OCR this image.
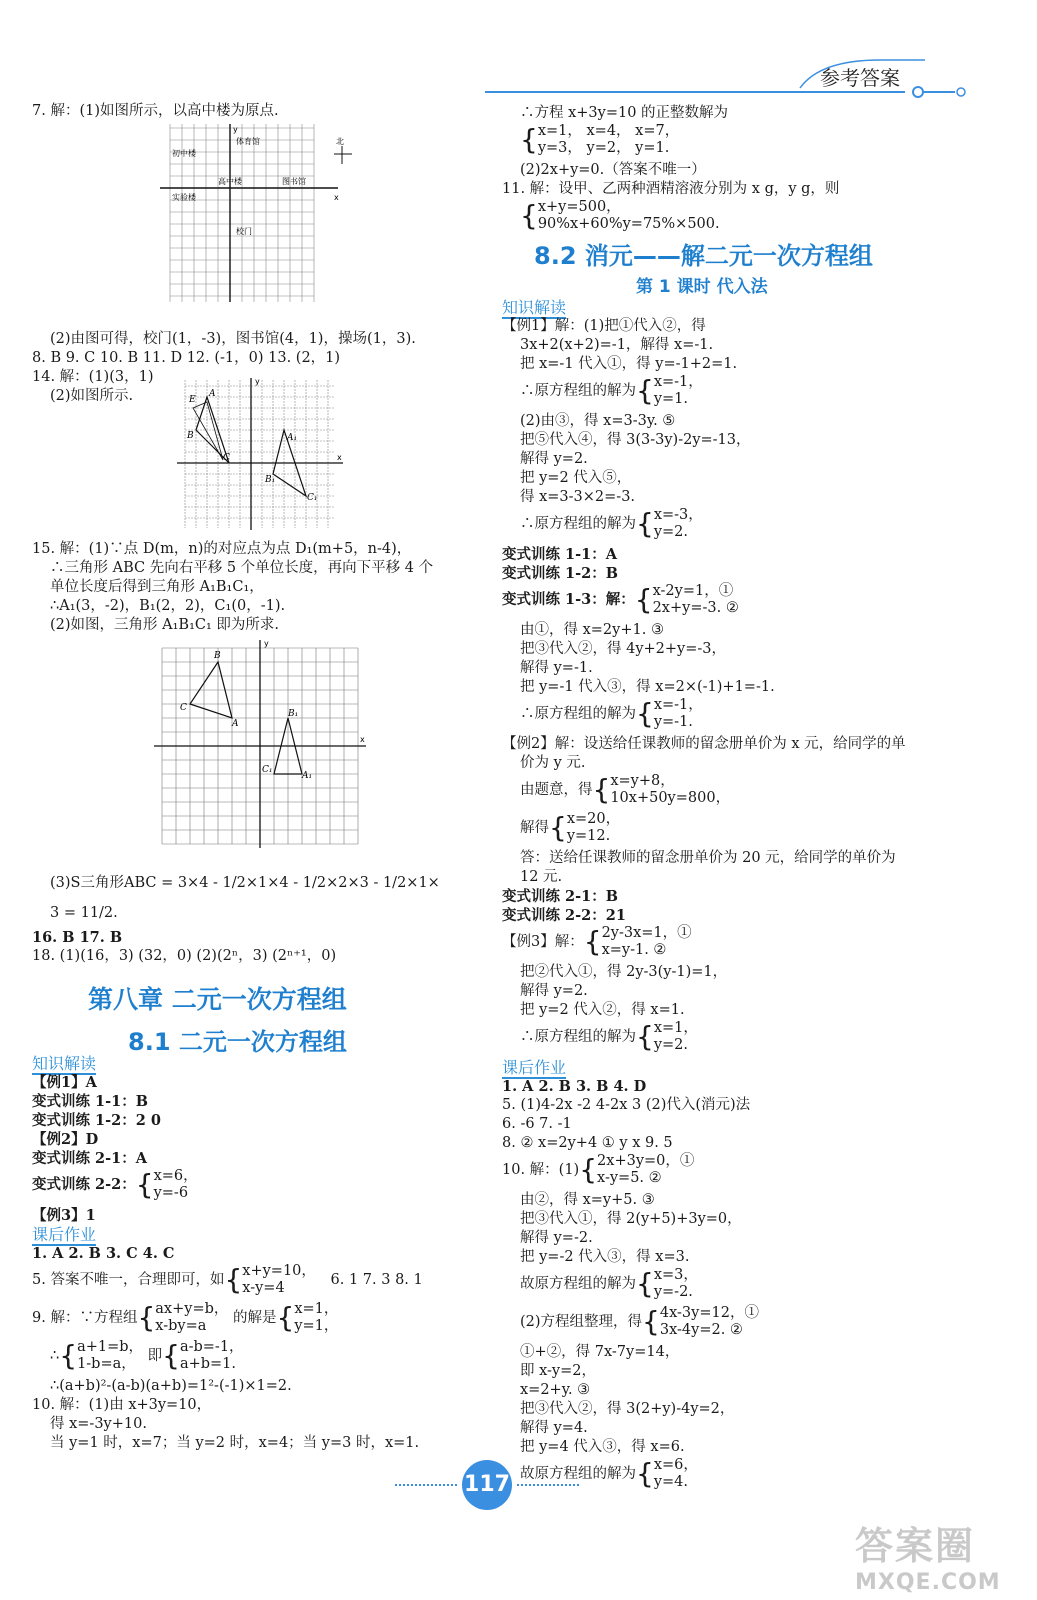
参考答案
7. 解：(1)如图所示，以高中楼为原点.
x
y
初中楼
体育馆
高中楼	图书馆
实验楼
校门
北
(2)由图可得，校门(1，-3)，图书馆(4，1)，操场(1，3).
8. B 9. C 10. B 11. D 12. (-1，0) 13. (2，1)
14. 解：(1)(3，1)
(2)如图所示.	E
A
B
C
A₁
B₁
C₁
y
x
15. 解：(1)∵点 D(m，n)的对应点为点 D₁(m+5，n-4)，
∴三角形 ABC 先向右平移 5 个单位长度，再向下平移 4 个
单位长度后得到三角形 A₁B₁C₁，
∴A₁(3，-2)，B₁(2，2)，C₁(0，-1).
(2)如图，三角形 A₁B₁C₁ 即为所求.
B
C
A
B₁
C₁
A₁
y
x
(3)S三角形ABC = 3×4 - 1/2×1×4 - 1/2×2×3 - 1/2×1×
3 = 11/2.
16. B 17. B
18. (1)(16，3) (32，0) (2)(2ⁿ，3) (2ⁿ⁺¹，0)
第八章 二元一次方程组
8.1 二元一次方程组
知识解读
【例1】A
变式训练 1-1：B
变式训练 1-2：2 0
【例2】D
变式训练 2-1：A
变式训练 2-2：{ x=6，
y=-6
【例3】1
课后作业
1. A 2. B 3. C 4. C
5. 答案不唯一，合理即可，如{ x+y=10，
x-y=4	6. 1 7. 3 8. 1
9. 解：∵方程组{ ax+y=b，
x-by=a	的解是{ x=1，
y=1，
∴{ a+1=b，
1-b=a， 即{ a-b=-1，
a+b=1.
∴(a+b)²-(a-b)(a+b)=1²-(-1)×1=2.
10. 解：(1)由 x+3y=10，
得 x=-3y+10.
当 y=1 时，x=7；当 y=2 时，x=4；当 y=3 时，x=1.
∴方程 x+3y=10 的正整数解为
{ x=1， x=4， x=7，
y=3， y=2， y=1.
(2)2x+y=0.（答案不唯一）
11. 解：设甲、乙两种酒精溶液分别为 x g，y g，则
{ x+y=500，
90%x+60%y=75%×500.
8.2 消元——解二元一次方程组
第 1 课时 代入法
知识解读
【例1】解：(1)把①代入②，得
3x+2(x+2)=-1，解得 x=-1.
把 x=-1 代入①，得 y=-1+2=1.
∴原方程组的解为{ x=-1，
y=1.
(2)由③，得 x=3-3y. ⑤
把⑤代入④，得 3(3-3y)-2y=-13，
解得 y=2.
把 y=2 代入⑤，
得 x=3-3×2=-3.
∴原方程组的解为{ x=-3，
y=2.
变式训练 1-1：A
变式训练 1-2：B
变式训练 1-3：解：{ x-2y=1，①
2x+y=-3. ②
由①，得 x=2y+1. ③
把③代入②，得 4y+2+y=-3，
解得 y=-1.
把 y=-1 代入③，得 x=2×(-1)+1=-1.
∴原方程组的解为{ x=-1，
y=-1.
【例2】解：设送给任课教师的留念册单价为 x 元，给同学的单
价为 y 元.
由题意，得{ x=y+8，
10x+50y=800，
解得{ x=20，
y=12.
答：送给任课教师的留念册单价为 20 元，给同学的单价为
12 元.
变式训练 2-1：B
变式训练 2-2：21
【例3】解：{ 2y-3x=1，①
x=y-1. ②
把②代入①，得 2y-3(y-1)=1，
解得 y=2.
把 y=2 代入②，得 x=1.
∴原方程组的解为{ x=1，
y=2.
课后作业
1. A 2. B 3. B 4. D
5. (1)4-2x -2 4-2x 3 (2)代入(消元)法
6. -6 7. -1
8. ② x=2y+4 ① y x 9. 5
10. 解：(1){ 2x+3y=0，①
x-y=5. ②
由②，得 x=y+5. ③
把③代入①，得 2(y+5)+3y=0，
解得 y=-2.
把 y=-2 代入③，得 x=3.
故原方程组的解为{ x=3，
y=-2.
(2)方程组整理，得{ 4x-3y=12，①
3x-4y=2. ②
①+②，得 7x-7y=14，
即 x-y=2，
x=2+y. ③
把③代入②，得 3(2+y)-4y=2，
解得 y=4.
把 y=4 代入③，得 x=6.
故原方程组的解为{ x=6，
y=4.
117
答案圈
MXQE.COM
